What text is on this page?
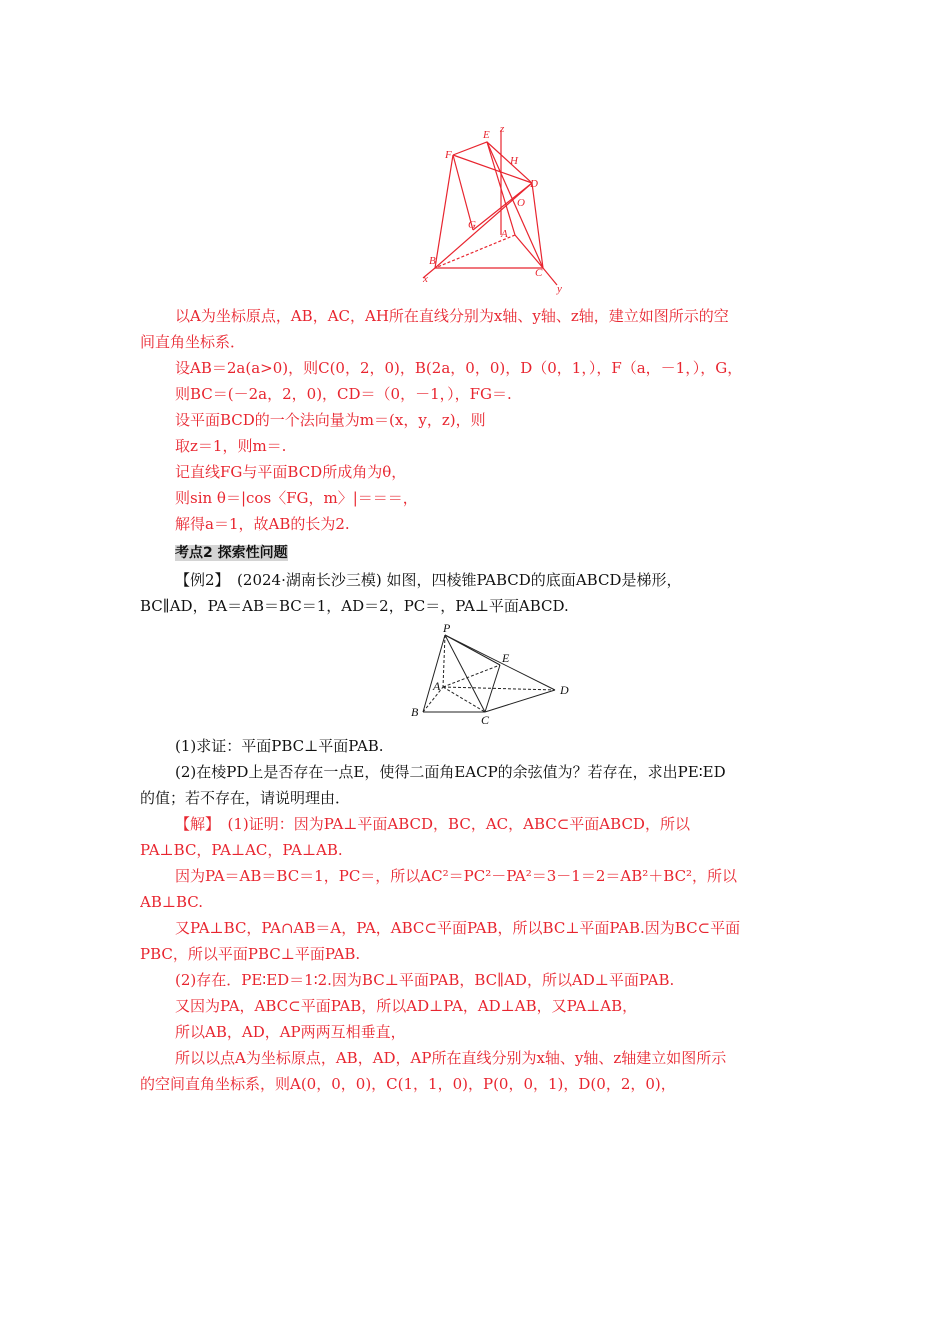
E z
F	H
D
O
G
A
B
x	C
y
以A为坐标原点，AB，AC，AH所在直线分别为x轴、y轴、z轴，建立如图所示的空
间直角坐标系．
设AB＝2a(a>0)，则C(0，2，0)，B(2a，0，0)，D（0，1，），F（a，－1，），G，
则BC＝(－2a，2，0)，CD＝（0，－1，），FG＝.
设平面BCD的一个法向量为m＝(x，y，z)，则
取z＝1，则m＝.
记直线FG与平面BCD所成角为θ，
则sin θ＝|cos〈FG，m〉|＝＝＝，
解得a＝1，故AB的长为2.
考点2 探索性问题
【例2】　(2024·湖南长沙三模) 如图，四棱锥PABCD的底面ABCD是梯形，
BC∥AD，PA＝AB＝BC＝1，AD＝2，PC＝，PA⊥平面ABCD.
P
E
A	D
B
C
(1)求证：平面PBC⊥平面PAB.
(2)在棱PD上是否存在一点E，使得二面角EACP的余弦值为？若存在，求出PE∶ED
的值；若不存在，请说明理由．
【解】　(1)证明：因为PA⊥平面ABCD，BC，AC，ABC⊂平面ABCD，所以
PA⊥BC，PA⊥AC，PA⊥AB.
因为PA＝AB＝BC＝1，PC＝，所以AC²＝PC²－PA²＝3－1＝2＝AB²＋BC²，所以
AB⊥BC.
又PA⊥BC，PA∩AB＝A，PA，ABC⊂平面PAB，所以BC⊥平面PAB.因为BC⊂平面
PBC，所以平面PBC⊥平面PAB.
(2)存在．PE∶ED＝1∶2.因为BC⊥平面PAB，BC∥AD，所以AD⊥平面PAB.
又因为PA，ABC⊂平面PAB，所以AD⊥PA，AD⊥AB，又PA⊥AB，
所以AB，AD，AP两两互相垂直，
所以以点A为坐标原点，AB，AD，AP所在直线分别为x轴、y轴、z轴建立如图所示
的空间直角坐标系，则A(0，0，0)，C(1，1，0)，P(0，0，1)，D(0，2，0)，
